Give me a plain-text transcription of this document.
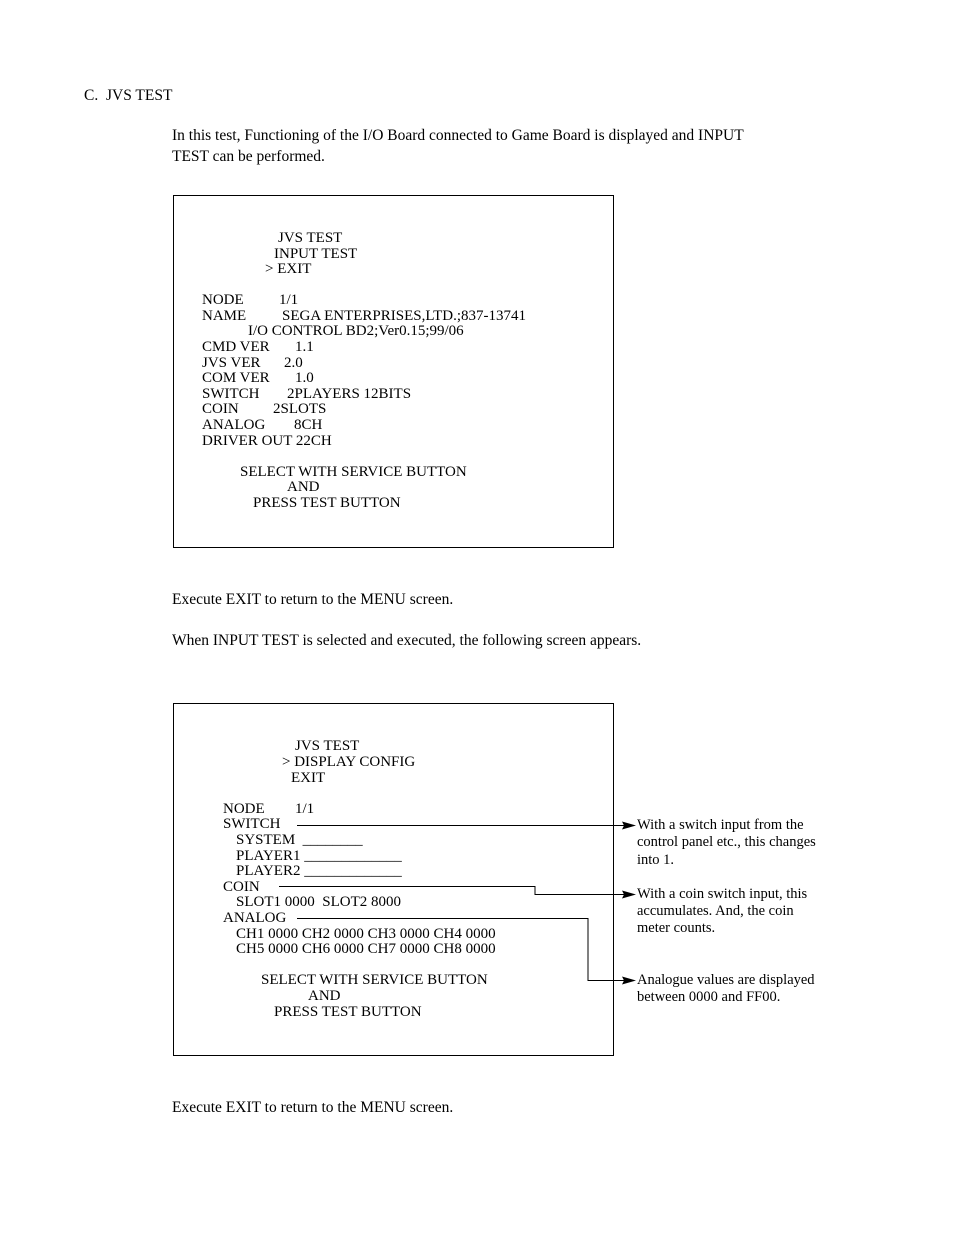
C.  JVS TEST
In this test, Functioning of the I/O Board connected to Game Board is displayed and INPUT
TEST can be performed.
JVS TEST
INPUT TEST
> EXIT
NODE 1/1
NAME SEGA ENTERPRISES,LTD.;837-13741
I/O CONTROL BD2;Ver0.15;99/06
CMD VER 1.1
JVS VER 2.0
COM VER 1.0
SWITCH 2PLAYERS 12BITS
COIN 2SLOTS
ANALOG 8CH
DRIVER OUT 22CH
SELECT WITH SERVICE BUTTON
AND
PRESS TEST BUTTON
Execute EXIT to return to the MENU screen.
When INPUT TEST is selected and executed, the following screen appears.
JVS TEST
> DISPLAY CONFIG
EXIT
NODE 1/1
SWITCH
SYSTEM  ________
PLAYER1 _____________
PLAYER2 _____________
COIN
SLOT1 0000  SLOT2 8000
ANALOG
CH1 0000 CH2 0000 CH3 0000 CH4 0000
CH5 0000 CH6 0000 CH7 0000 CH8 0000
SELECT WITH SERVICE BUTTON
AND
PRESS TEST BUTTON
With a switch input from the
control panel etc., this changes
into 1.
With a coin switch input, this
accumulates. And, the coin
meter counts.
Analogue values are displayed
between 0000 and FF00.
Execute EXIT to return to the MENU screen.
